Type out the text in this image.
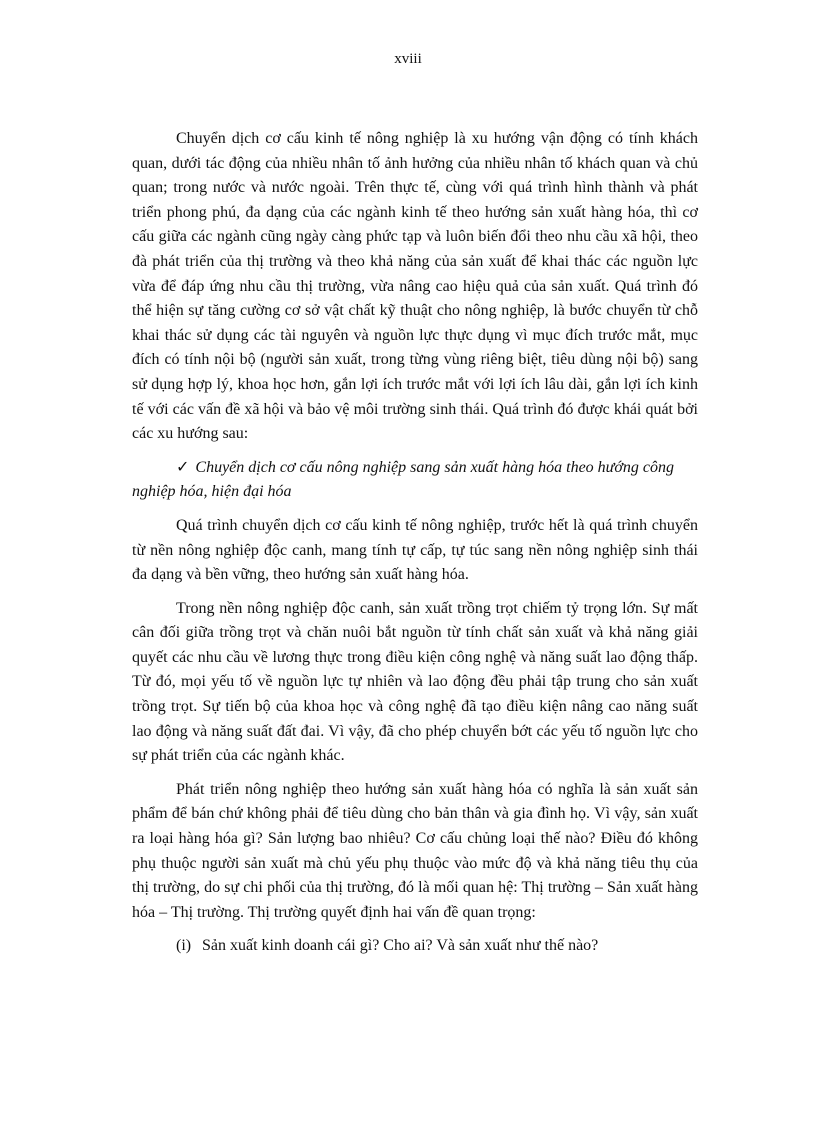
xviii

Chuyển dịch cơ cấu kinh tế nông nghiệp là xu hướng vận động có tính khách quan, dưới tác động của nhiều nhân tố ảnh hưởng của nhiều nhân tố khách quan và chủ quan; trong nước và nước ngoài. Trên thực tế, cùng với quá trình hình thành và phát triển phong phú, đa dạng của các ngành kinh tế theo hướng sản xuất hàng hóa, thì cơ cấu giữa các ngành cũng ngày càng phức tạp và luôn biến đổi theo nhu cầu xã hội, theo đà phát triển của thị trường và theo khả năng của sản xuất để khai thác các nguồn lực vừa để đáp ứng nhu cầu thị trường, vừa nâng cao hiệu quả của sản xuất. Quá trình đó thể hiện sự tăng cường cơ sở vật chất kỹ thuật cho nông nghiệp, là bước chuyển từ chỗ khai thác sử dụng các tài nguyên và nguồn lực thực dụng vì mục đích trước mắt, mục đích có tính nội bộ (người sản xuất, trong từng vùng riêng biệt, tiêu dùng nội bộ) sang sử dụng hợp lý, khoa học hơn, gắn lợi ích trước mắt với lợi ích lâu dài, gắn lợi ích kinh tế với các vấn đề xã hội và bảo vệ môi trường sinh thái. Quá trình đó được khái quát bởi các xu hướng sau:

✓ Chuyển dịch cơ cấu nông nghiệp sang sản xuất hàng hóa theo hướng công nghiệp hóa, hiện đại hóa

Quá trình chuyển dịch cơ cấu kinh tế nông nghiệp, trước hết là quá trình chuyển từ nền nông nghiệp độc canh, mang tính tự cấp, tự túc sang nền nông nghiệp sinh thái đa dạng và bền vững, theo hướng sản xuất hàng hóa.

Trong nền nông nghiệp độc canh, sản xuất trồng trọt chiếm tỷ trọng lớn. Sự mất cân đối giữa trồng trọt và chăn nuôi bắt nguồn từ tính chất sản xuất và khả năng giải quyết các nhu cầu về lương thực trong điều kiện công nghệ và năng suất lao động thấp. Từ đó, mọi yếu tố về nguồn lực tự nhiên và lao động đều phải tập trung cho sản xuất trồng trọt. Sự tiến bộ của khoa học và công nghệ đã tạo điều kiện nâng cao năng suất lao động và năng suất đất đai. Vì vậy, đã cho phép chuyển bớt các yếu tố nguồn lực cho sự phát triển của các ngành khác.

Phát triển nông nghiệp theo hướng sản xuất hàng hóa có nghĩa là sản xuất sản phẩm để bán chứ không phải để tiêu dùng cho bản thân và gia đình họ. Vì vậy, sản xuất ra loại hàng hóa gì? Sản lượng bao nhiêu? Cơ cấu chủng loại thế nào? Điều đó không phụ thuộc người sản xuất mà chủ yếu phụ thuộc vào mức độ và khả năng tiêu thụ của thị trường, do sự chi phối của thị trường, đó là mối quan hệ: Thị trường – Sản xuất hàng hóa – Thị trường. Thị trường quyết định hai vấn đề quan trọng:

(i) Sản xuất kinh doanh cái gì? Cho ai? Và sản xuất như thế nào?
